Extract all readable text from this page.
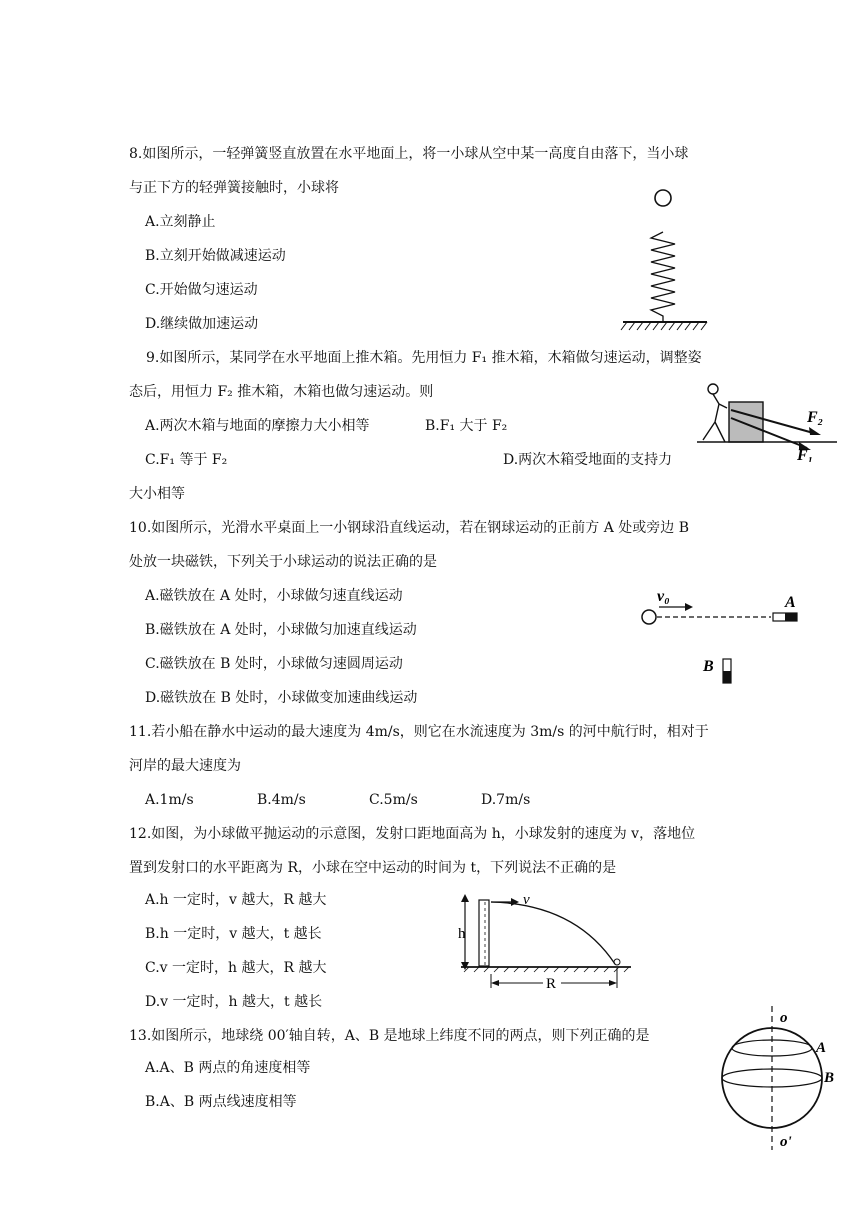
8.如图所示，一轻弹簧竖直放置在水平地面上，将一小球从空中某一高度自由落下，当小球
与正下方的轻弹簧接触时，小球将
A.立刻静止
B.立刻开始做减速运动
C.开始做匀速运动
D.继续做加速运动
9.如图所示，某同学在水平地面上推木箱。先用恒力 F₁ 推木箱，木箱做匀速运动，调整姿
态后，用恒力 F₂ 推木箱，木箱也做匀速运动。则
A.两次木箱与地面的摩擦力大小相等	B.F₁ 大于 F₂
C.F₁ 等于 F₂	D.两次木箱受地面的支持力
大小相等
F₂
F₁
10.如图所示，光滑水平桌面上一小钢球沿直线运动，若在钢球运动的正前方 A 处或旁边 B
处放一块磁铁，下列关于小球运动的说法正确的是
A.磁铁放在 A 处时，小球做匀速直线运动
B.磁铁放在 A 处时，小球做匀加速直线运动
C.磁铁放在 B 处时，小球做匀速圆周运动
D.磁铁放在 B 处时，小球做变加速曲线运动
v₀	A
B
11.若小船在静水中运动的最大速度为 4m/s，则它在水流速度为 3m/s 的河中航行时，相对于
河岸的最大速度为
A.1m/s	B.4m/s	C.5m/s	D.7m/s
12.如图，为小球做平抛运动的示意图，发射口距地面高为 h，小球发射的速度为 v，落地位
置到发射口的水平距离为 R，小球在空中运动的时间为 t，下列说法不正确的是
A.h 一定时，v 越大，R 越大
B.h 一定时，v 越大，t 越长
C.v 一定时，h 越大，R 越大
D.v 一定时，h 越大，t 越长
h
v
R
13.如图所示，地球绕 00′轴自转，A、B 是地球上纬度不同的两点，则下列正确的是
A.A、B 两点的角速度相等
B.A、B 两点线速度相等
o
o'
A
B
